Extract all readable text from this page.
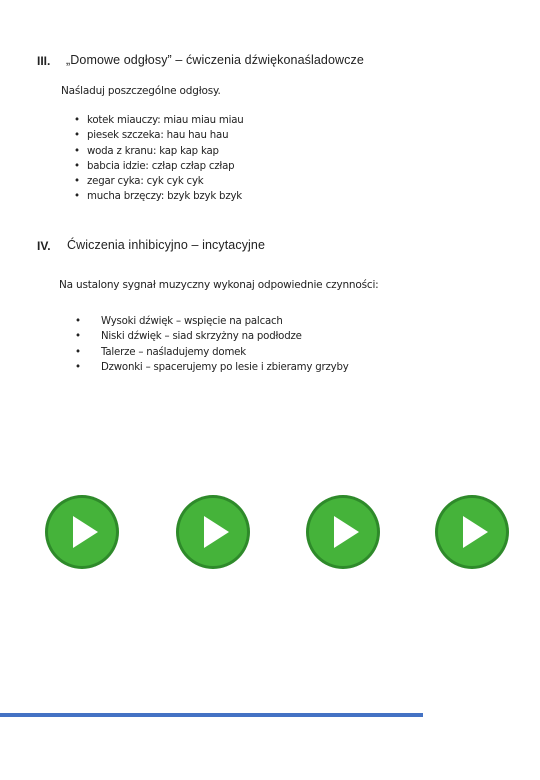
III. „Domowe odgłosy” – ćwiczenia dźwiękonaśladowcze
Naśladuj poszczególne odgłosy.
• kotek miauczy: miau miau miau
• piesek szczeka: hau hau hau
• woda z kranu: kap kap kap
• babcia idzie: człap człap człap
• zegar cyka: cyk cyk cyk
• mucha brzęczy: bzyk bzyk bzyk
IV. Ćwiczenia inhibicyjno – incytacyjne
Na ustalony sygnał muzyczny wykonaj odpowiednie czynności:
• Wysoki dźwięk – wspięcie na palcach
• Niski dźwięk – siad skrzyżny na podłodze
• Talerze – naśladujemy domek
• Dzwonki – spacerujemy po lesie i zbieramy grzyby
